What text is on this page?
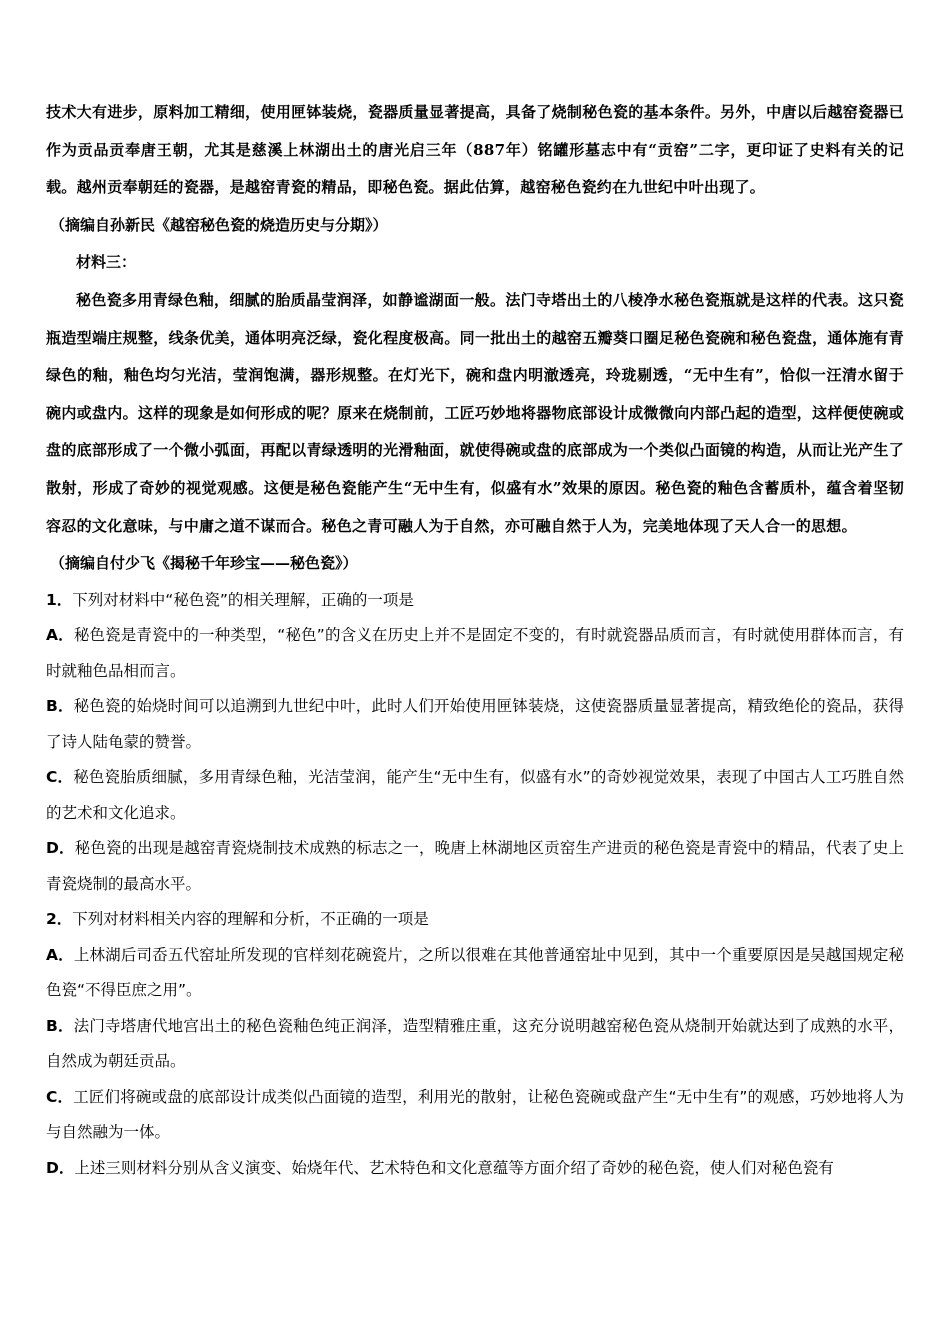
技术大有进步，原料加工精细，使用匣钵装烧，瓷器质量显著提高，具备了烧制秘色瓷的基本条件。另外，中唐以后越窑瓷器已作为贡品贡奉唐王朝，尤其是慈溪上林湖出土的唐光启三年（887年）铭罐形墓志中有“贡窑”二字，更印证了史料有关的记载。越州贡奉朝廷的瓷器，是越窑青瓷的精品，即秘色瓷。据此估算，越窑秘色瓷约在九世纪中叶出现了。

（摘编自孙新民《越窑秘色瓷的烧造历史与分期》）

材料三：

秘色瓷多用青绿色釉，细腻的胎质晶莹润泽，如静谧湖面一般。法门寺塔出土的八棱净水秘色瓷瓶就是这样的代表。这只瓷瓶造型端庄规整，线条优美，通体明亮泛绿，瓷化程度极高。同一批出土的越窑五瓣葵口圈足秘色瓷碗和秘色瓷盘，通体施有青绿色的釉，釉色均匀光洁，莹润饱满，器形规整。在灯光下，碗和盘内明澈透亮，玲珑剔透，“无中生有”，恰似一汪清水留于碗内或盘内。这样的现象是如何形成的呢？原来在烧制前，工匠巧妙地将器物底部设计成微微向内部凸起的造型，这样便使碗或盘的底部形成了一个微小弧面，再配以青绿透明的光滑釉面，就使得碗或盘的底部成为一个类似凸面镜的构造，从而让光产生了散射，形成了奇妙的视觉观感。这便是秘色瓷能产生“无中生有，似盛有水”效果的原因。秘色瓷的釉色含蓄质朴，蕴含着坚韧容忍的文化意味，与中庸之道不谋而合。秘色之青可融人为于自然，亦可融自然于人为，完美地体现了天人合一的思想。

（摘编自付少飞《揭秘千年珍宝——秘色瓷》）

1．下列对材料中“秘色瓷”的相关理解，正确的一项是

A．秘色瓷是青瓷中的一种类型，“秘色”的含义在历史上并不是固定不变的，有时就瓷器品质而言，有时就使用群体而言，有时就釉色品相而言。

B．秘色瓷的始烧时间可以追溯到九世纪中叶，此时人们开始使用匣钵装烧，这使瓷器质量显著提高，精致绝伦的瓷品，获得了诗人陆龟蒙的赞誉。

C．秘色瓷胎质细腻，多用青绿色釉，光洁莹润，能产生“无中生有，似盛有水”的奇妙视觉效果，表现了中国古人工巧胜自然的艺术和文化追求。

D．秘色瓷的出现是越窑青瓷烧制技术成熟的标志之一，晚唐上林湖地区贡窑生产进贡的秘色瓷是青瓷中的精品，代表了史上青瓷烧制的最高水平。

2．下列对材料相关内容的理解和分析，不正确的一项是

A．上林湖后司岙五代窑址所发现的官样刻花碗瓷片，之所以很难在其他普通窑址中见到，其中一个重要原因是吴越国规定秘色瓷“不得臣庶之用”。

B．法门寺塔唐代地宫出土的秘色瓷釉色纯正润泽，造型精雅庄重，这充分说明越窑秘色瓷从烧制开始就达到了成熟的水平，自然成为朝廷贡品。

C．工匠们将碗或盘的底部设计成类似凸面镜的造型，利用光的散射，让秘色瓷碗或盘产生“无中生有”的观感，巧妙地将人为与自然融为一体。

D．上述三则材料分别从含义演变、始烧年代、艺术特色和文化意蕴等方面介绍了奇妙的秘色瓷，使人们对秘色瓷有
